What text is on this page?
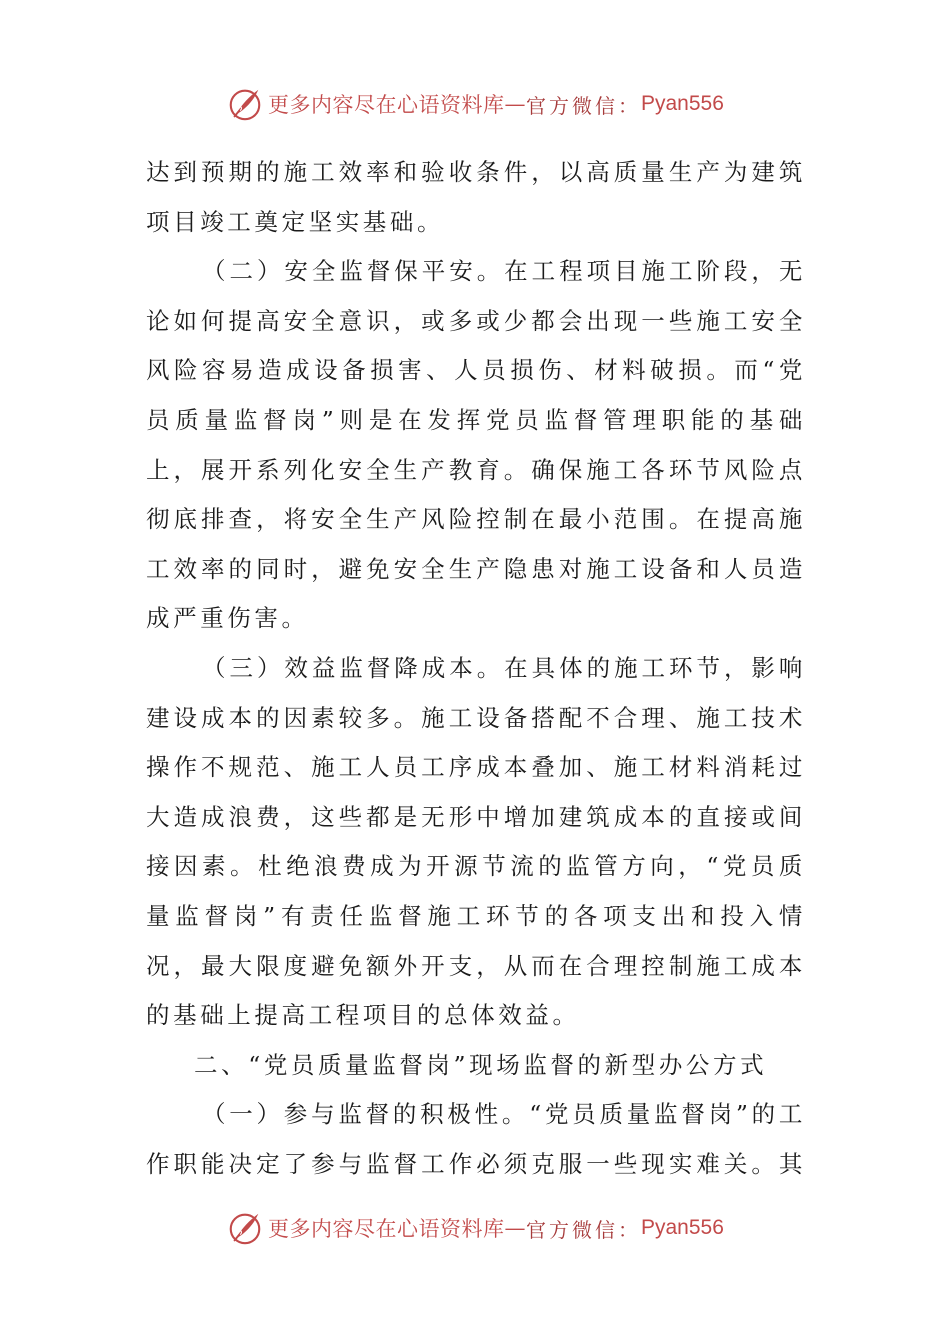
更多内容尽在心语资料库 — 官方微信： Pyan556

达到预期的施工效率和验收条件，以高质量生产为建筑项目竣工奠定坚实基础。

（二）安全监督保平安。在工程项目施工阶段，无论如何提高安全意识，或多或少都会出现一些施工安全风险容易造成设备损害、人员损伤、材料破损。而“党员质量监督岗”则是在发挥党员监督管理职能的基础上，展开系列化安全生产教育。确保施工各环节风险点彻底排查，将安全生产风险控制在最小范围。在提高施工效率的同时，避免安全生产隐患对施工设备和人员造成严重伤害。

（三）效益监督降成本。在具体的施工环节，影响建设成本的因素较多。施工设备搭配不合理、施工技术操作不规范、施工人员工序成本叠加、施工材料消耗过大造成浪费，这些都是无形中增加建筑成本的直接或间接因素。杜绝浪费成为开源节流的监管方向，“党员质量监督岗”有责任监督施工环节的各项支出和投入情况，最大限度避免额外开支，从而在合理控制施工成本的基础上提高工程项目的总体效益。

二、“党员质量监督岗”现场监督的新型办公方式

（一）参与监督的积极性。“党员质量监督岗”的工作职能决定了参与监督工作必须克服一些现实难关。其

更多内容尽在心语资料库 — 官方微信： Pyan556
